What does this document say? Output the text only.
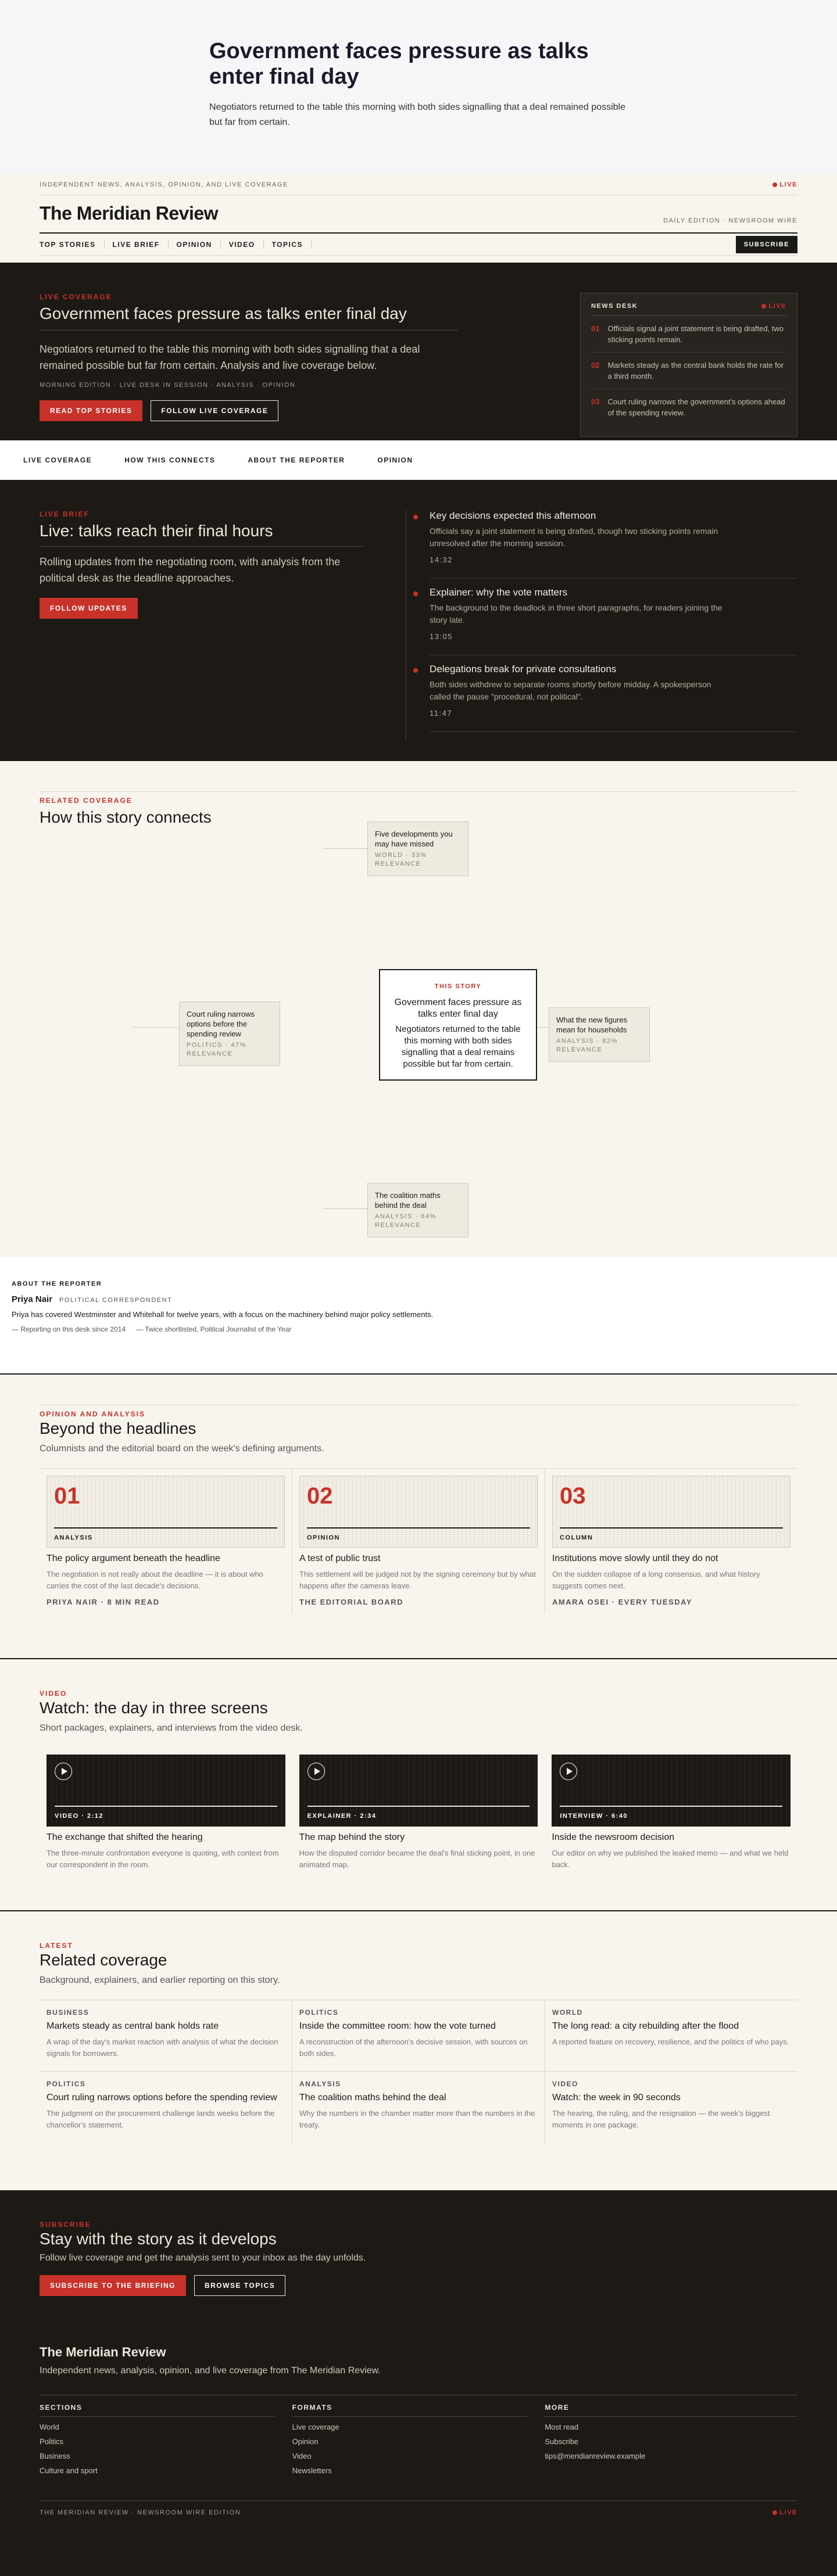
Government faces pressure as talks enter final day

Negotiators returned to the table this morning with both sides signalling that a deal remained possible but far from certain.

INDEPENDENT NEWS, ANALYSIS, OPINION, AND LIVE COVERAGE	LIVE
The Meridian Review	DAILY EDITION · NEWSROOM WIRE
TOP STORIES	LIVE BRIEF	OPINION	VIDEO	TOPICS	SUBSCRIBE
LIVE COVERAGE
Government faces pressure as talks enter final day

Negotiators returned to the table this morning with both sides signalling that a deal remained possible but far from certain. Analysis and live coverage below.

MORNING EDITION · LIVE DESK IN SESSION · ANALYSIS · OPINION
READ TOP STORIES	FOLLOW LIVE COVERAGE
NEWS DESK	LIVE
01 Officials signal a joint statement is being drafted, two sticking points remain.
02 Markets steady as the central bank holds the rate for a third month.
03 Court ruling narrows the government's options ahead of the spending review.
LIVE COVERAGE	HOW THIS CONNECTS	ABOUT THE REPORTER	OPINION
LIVE BRIEF
Live: talks reach their final hours

Rolling updates from the negotiating room, with analysis from the political desk as the deadline approaches.

FOLLOW UPDATES
Key decisions expected this afternoon

Officials say a joint statement is being drafted, though two sticking points remain unresolved after the morning session.

14:32
Explainer: why the vote matters

The background to the deadlock in three short paragraphs, for readers joining the story late.

13:05
Delegations break for private consultations

Both sides withdrew to separate rooms shortly before midday. A spokesperson called the pause "procedural, not political".

11:47
RELATED COVERAGE
How this story connects
Five developments you may have missed
WORLD · 33% RELEVANCE
Court ruling narrows options before the spending review
POLITICS · 47% RELEVANCE
What the new figures mean for households
ANALYSIS · 82% RELEVANCE
The coalition maths behind the deal
ANALYSIS · 64% RELEVANCE
THIS STORY
Government faces pressure as talks enter final day
Negotiators returned to the table this morning with both sides signalling that a deal remains possible but far from certain.
ABOUT THE REPORTER
Priya Nair POLITICAL CORRESPONDENT

Priya has covered Westminster and Whitehall for twelve years, with a focus on the machinery behind major policy settlements.

— Reporting on this desk since 2014 — Twice shortlisted, Political Journalist of the Year
OPINION AND ANALYSIS
Beyond the headlines
Columnists and the editorial board on the week's defining arguments.
01
ANALYSIS
The policy argument beneath the headline

The negotiation is not really about the deadline — it is about who carries the cost of the last decade's decisions.

PRIYA NAIR · 8 MIN READ
02
OPINION
A test of public trust

This settlement will be judged not by the signing ceremony but by what happens after the cameras leave.

THE EDITORIAL BOARD
03
COLUMN
Institutions move slowly until they do not

On the sudden collapse of a long consensus, and what history suggests comes next.

AMARA OSEI · EVERY TUESDAY
VIDEO
Watch: the day in three screens
Short packages, explainers, and interviews from the video desk.
VIDEO · 2:12
The exchange that shifted the hearing

The three-minute confrontation everyone is quoting, with context from our correspondent in the room.

EXPLAINER · 2:34
The map behind the story

How the disputed corridor became the deal's final sticking point, in one animated map.

INTERVIEW · 6:40
Inside the newsroom decision

Our editor on why we published the leaked memo — and what we held back.

LATEST
Related coverage
Background, explainers, and earlier reporting on this story.
BUSINESS
Markets steady as central bank holds rate

A wrap of the day's market reaction with analysis of what the decision signals for borrowers.

POLITICS
Inside the committee room: how the vote turned

A reconstruction of the afternoon's decisive session, with sources on both sides.

WORLD
The long read: a city rebuilding after the flood

A reported feature on recovery, resilience, and the politics of who pays.

POLITICS
Court ruling narrows options before the spending review

The judgment on the procurement challenge lands weeks before the chancellor's statement.

ANALYSIS
The coalition maths behind the deal

Why the numbers in the chamber matter more than the numbers in the treaty.

VIDEO
Watch: the week in 90 seconds

The hearing, the ruling, and the resignation — the week's biggest moments in one package.

SUBSCRIBE
Stay with the story as it develops

Follow live coverage and get the analysis sent to your inbox as the day unfolds.

SUBSCRIBE TO THE BRIEFING	BROWSE TOPICS
The Meridian Review
Independent news, analysis, opinion, and live coverage from The Meridian Review.
SECTIONS
World
Politics
Business
Culture and sport
FORMATS
Live coverage
Opinion
Video
Newsletters
MORE
Most read
Subscribe
tips@meridianreview.example
THE MERIDIAN REVIEW · NEWSROOM WIRE EDITION	LIVE
